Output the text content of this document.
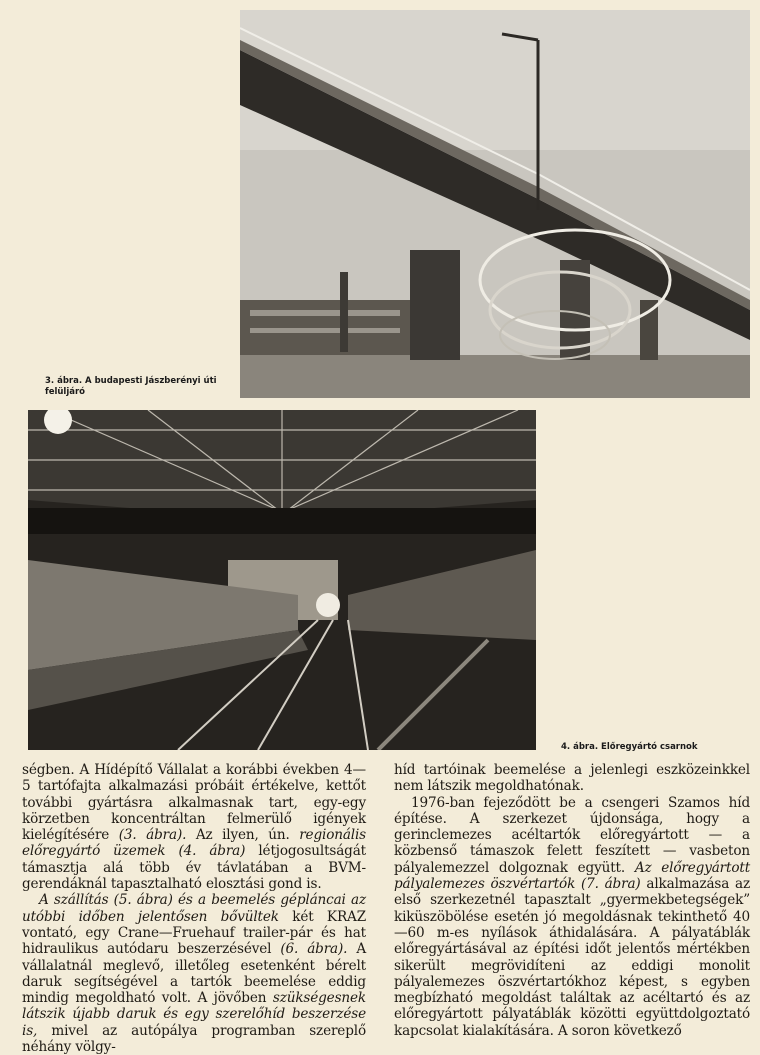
3. ábra. A budapesti Jászberényi úti felüljáró
4. ábra. Előregyártó csarnok

ségben. A Hídépítő Vállalat a korábbi években 4—5 tartófajta alkalmazási próbáit értékelve, kettőt további gyártásra alkalmasnak tart, egy-egy körzetben koncentráltan felmerülő igények kielégítésére (3. ábra). Az ilyen, ún. regionális előregyártó üzemek (4. ábra) létjogosultságát támasztja alá több év távlatában a BVM-gerendáknál tapasztalható elosztási gond is.

A szállítás (5. ábra) és a beemelés gépláncai az utóbbi időben jelentősen bővültek két KRAZ vontató, egy Crane—Fruehauf trailer-pár és hat hidraulikus autódaru beszerzésével (6. ábra). A vállalatnál meglevő, illetőleg esetenként bérelt daruk segítségével a tartók beemelése eddig mindig megoldható volt. A jövőben szükségesnek látszik újabb daruk és egy szerelőhíd beszerzése is, mivel az autópálya programban szereplő néhány völgy-

híd tartóinak beemelése a jelenlegi eszközeinkkel nem látszik megoldhatónak.

1976-ban fejeződött be a csengeri Szamos híd építése. A szerkezet újdonsága, hogy a gerinclemezes acéltartók előregyártott — a közbenső támaszok felett feszített — vasbeton pályalemezzel dolgoznak együtt. Az előregyártott pályalemezes öszvértartók (7. ábra) alkalmazása az első szerkezetnél tapasztalt „gyermekbetegségek” kiküszöbölése esetén jó megoldásnak tekinthető 40—60 m-es nyílások áthidalására. A pályatáblák előregyártásával az építési időt jelentős mértékben sikerült megrövidíteni az eddigi monolit pályalemezes öszvértartókhoz képest, s egyben megbízható megoldást találtak az acéltartó és az előregyártott pályatáblák közötti együttdolgoztató kapcsolat kialakítására. A soron következő
